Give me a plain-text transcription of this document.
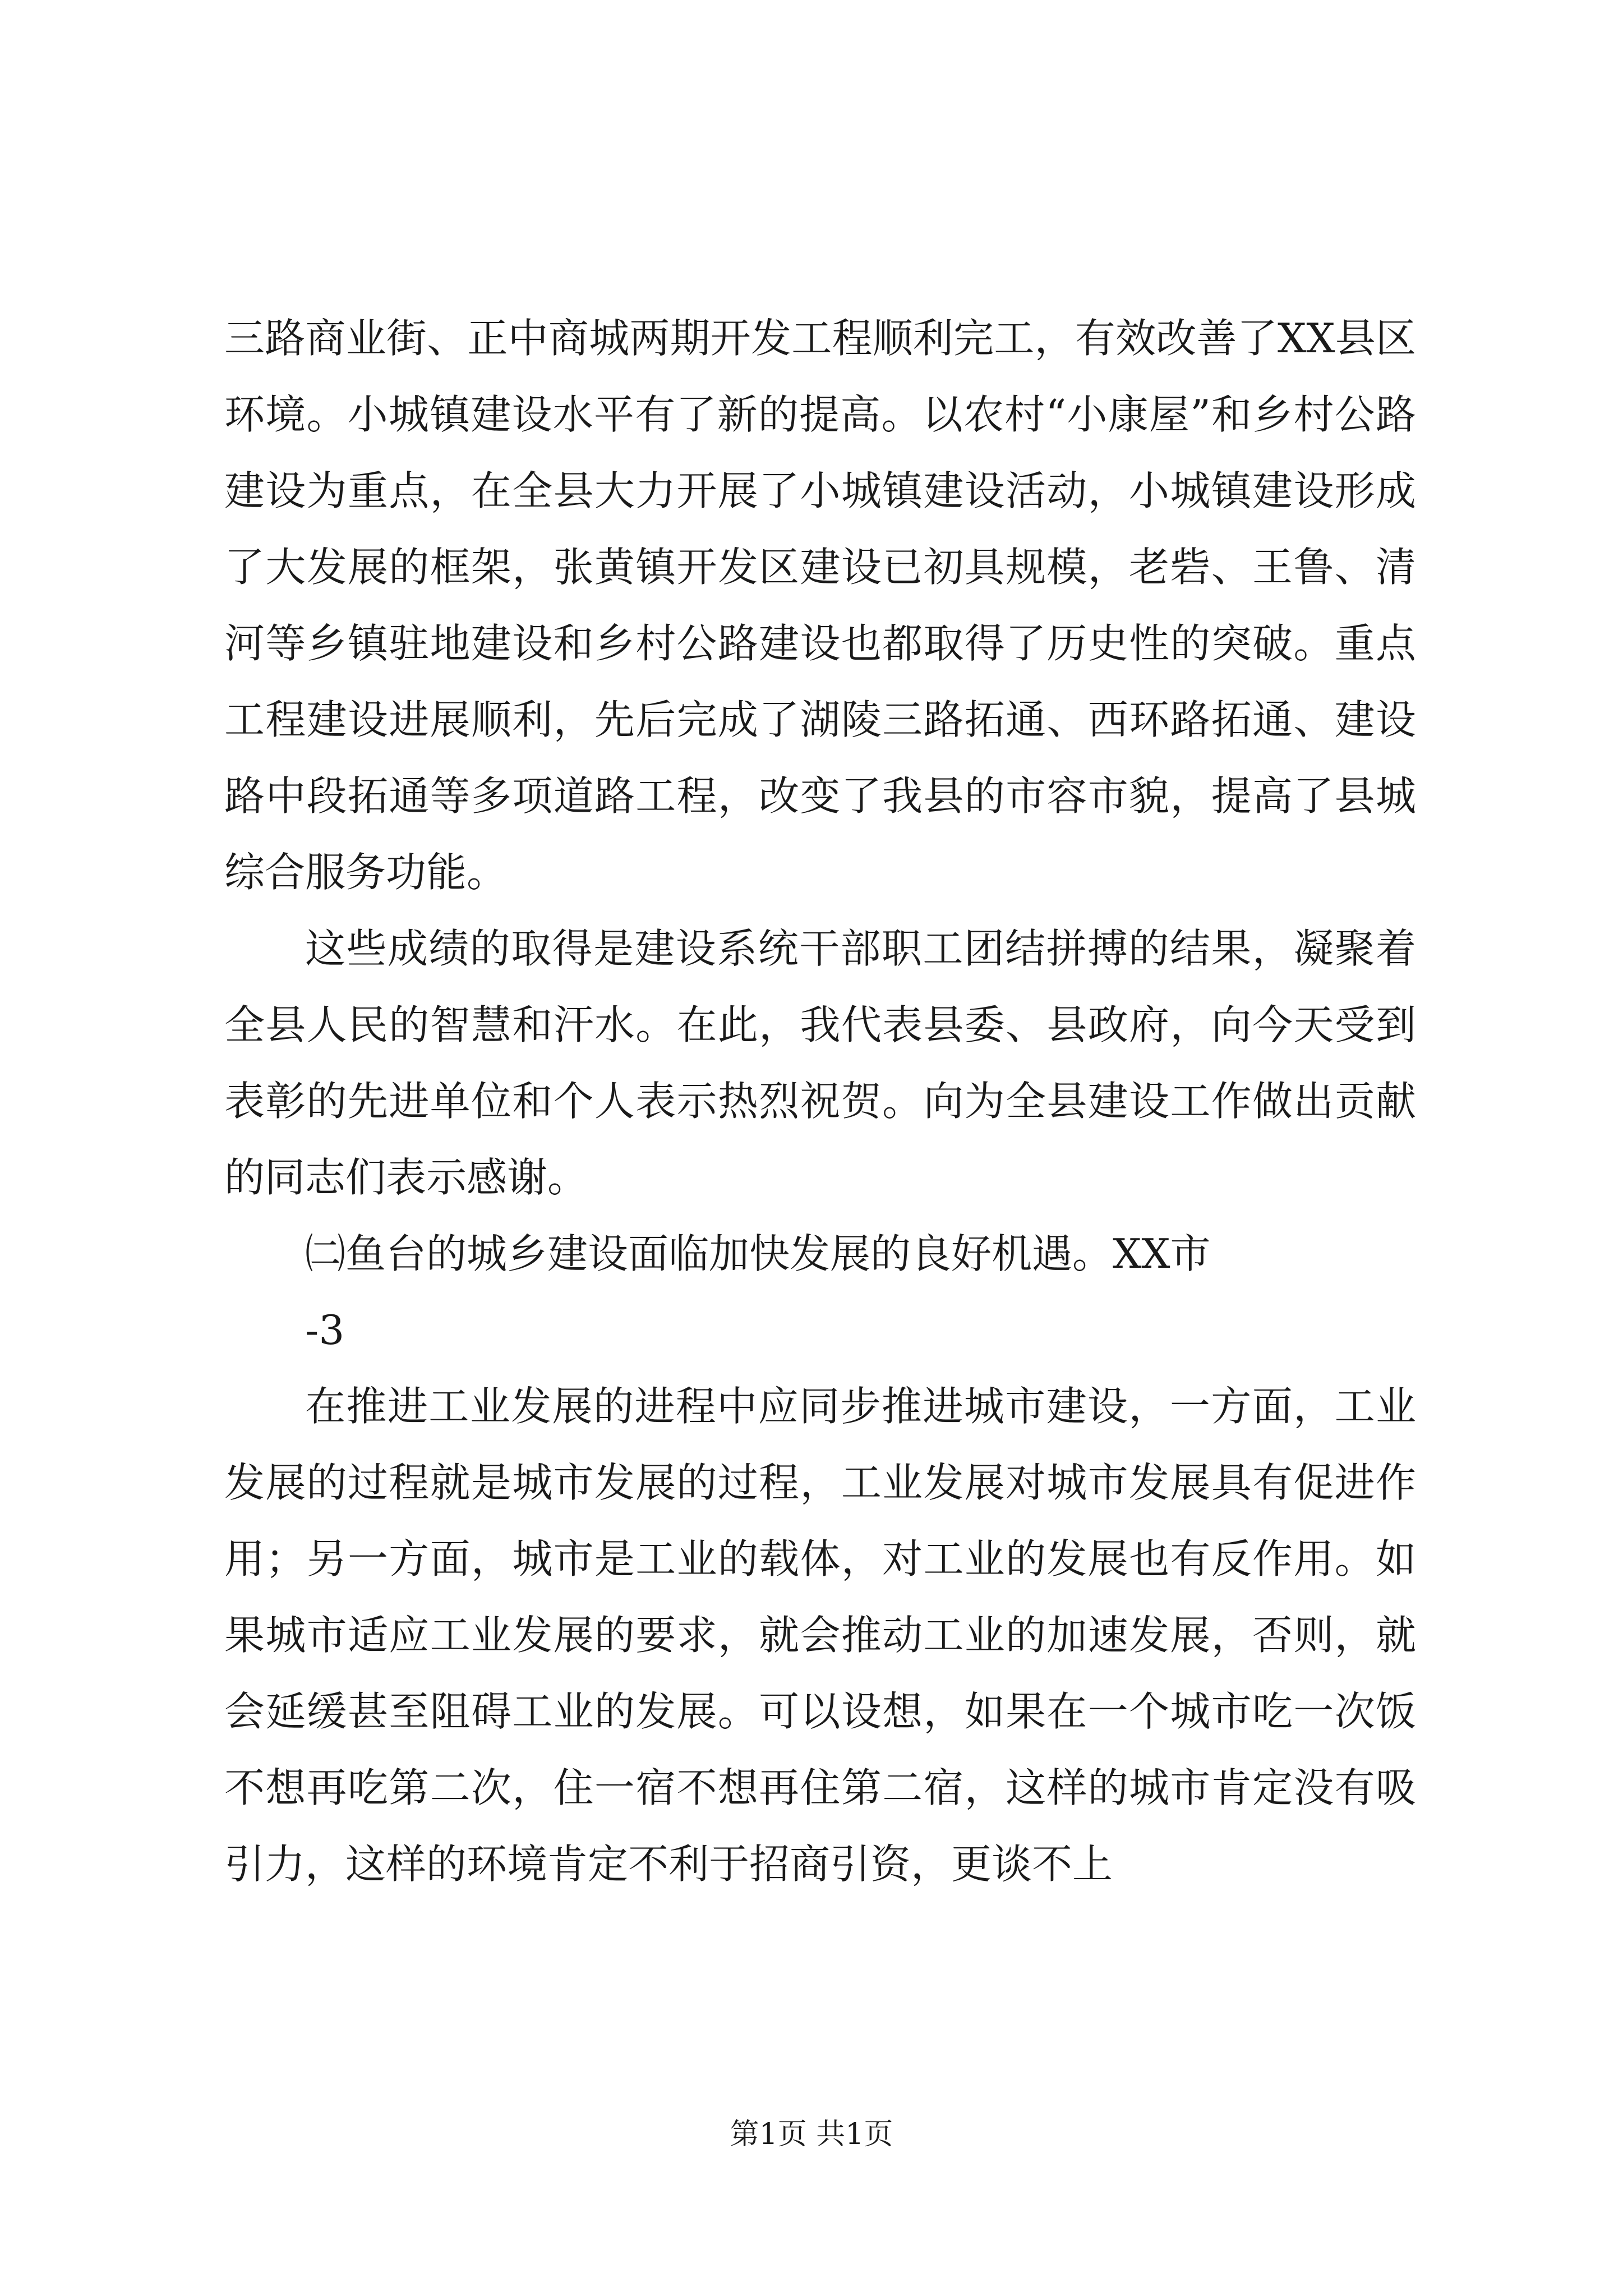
三路商业街、正中商城两期开发工程顺利完工，有效改善了XX县区环境。小城镇建设水平有了新的提高。以农村“小康屋”和乡村公路建设为重点，在全县大力开展了小城镇建设活动，小城镇建设形成了大发展的框架，张黄镇开发区建设已初具规模，老砦、王鲁、清河等乡镇驻地建设和乡村公路建设也都取得了历史性的突破。重点工程建设进展顺利，先后完成了湖陵三路拓通、西环路拓通、建设路中段拓通等多项道路工程，改变了我县的市容市貌，提高了县城综合服务功能。

这些成绩的取得是建设系统干部职工团结拼搏的结果，凝聚着全县人民的智慧和汗水。在此，我代表县委、县政府，向今天受到表彰的先进单位和个人表示热烈祝贺。向为全县建设工作做出贡献的同志们表示感谢。

㈡鱼台的城乡建设面临加快发展的良好机遇。XX市

-3

在推进工业发展的进程中应同步推进城市建设，一方面，工业发展的过程就是城市发展的过程，工业发展对城市发展具有促进作用；另一方面，城市是工业的载体，对工业的发展也有反作用。如果城市适应工业发展的要求，就会推动工业的加速发展，否则，就会延缓甚至阻碍工业的发展。可以设想，如果在一个城市吃一次饭不想再吃第二次，住一宿不想再住第二宿，这样的城市肯定没有吸引力，这样的环境肯定不利于招商引资，更谈不上

第1页 共1页
